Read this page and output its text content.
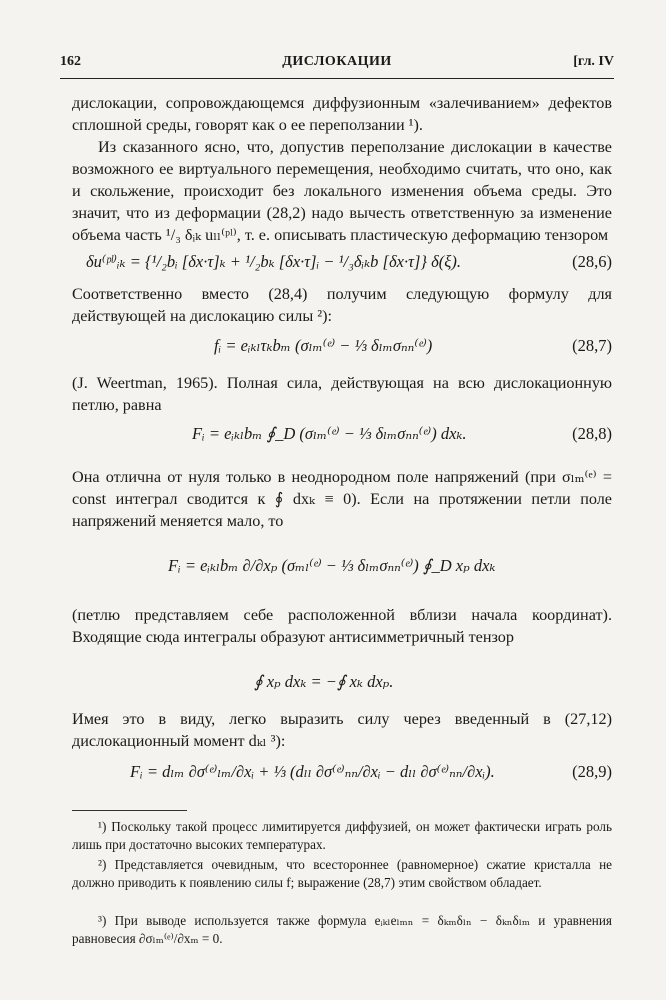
162	ДИСЛОКАЦИИ	[гл. IV
дислокации, сопровождающемся диффузионным «залечиванием» дефектов сплошной среды, говорят как о ее переползании ¹).
Из сказанного ясно, что, допустив переползание дислокации в качестве возможного ее виртуального перемещения, необходимо считать, что оно, как и скольжение, происходит без локального изменения объема среды. Это значит, что из деформации (28,2) надо вычесть ответственную за изменение объема часть ¹/₃ δᵢₖ uₗₗ⁽ᵖˡ⁾, т. е. описывать пластическую деформацию тензором
δu⁽ᵖˡ⁾ᵢₖ = {¹/₂bᵢ [δx·τ]ₖ + ¹/₂bₖ [δx·τ]ᵢ − ¹/₃δᵢₖb [δx·τ]} δ(ξ).	(28,6)
Соответственно вместо (28,4) получим следующую формулу для действующей на дислокацию силы ²):
fᵢ = eᵢₖₗτₖbₘ (σₗₘ⁽ᵉ⁾ − ⅓ δₗₘσₙₙ⁽ᵉ⁾)	(28,7)
(J. Weertman, 1965). Полная сила, действующая на всю дислокационную петлю, равна
Fᵢ = eᵢₖₗbₘ ∮_D (σₗₘ⁽ᵉ⁾ − ⅓ δₗₘσₙₙ⁽ᵉ⁾) dxₖ.	(28,8)
Она отлична от нуля только в неоднородном поле напряжений (при σₗₘ⁽ᵉ⁾ = const интеграл сводится к ∮ dxₖ ≡ 0). Если на протяжении петли поле напряжений меняется мало, то
Fᵢ = eᵢₖₗbₘ ∂/∂xₚ (σₘₗ⁽ᵉ⁾ − ⅓ δₗₘσₙₙ⁽ᵉ⁾) ∮_D xₚ dxₖ
(петлю представляем себе расположенной вблизи начала координат). Входящие сюда интегралы образуют антисимметричный тензор
∮ xₚ dxₖ = −∮ xₖ dxₚ.
Имея это в виду, легко выразить силу через введенный в (27,12) дислокационный момент dₖₗ ³):
Fᵢ = dₗₘ ∂σ⁽ᵉ⁾ₗₘ/∂xᵢ + ⅓ (dₗₗ ∂σ⁽ᵉ⁾ₙₙ/∂xᵢ − dₗₗ ∂σ⁽ᵉ⁾ₙₙ/∂xᵢ).	(28,9)
¹) Поскольку такой процесс лимитируется диффузией, он может фактически играть роль лишь при достаточно высоких температурах.
²) Представляется очевидным, что всестороннее (равномерное) сжатие кристалла не должно приводить к появлению силы f; выражение (28,7) этим свойством обладает.
³) При выводе используется также формула eᵢₖₗeₗₘₙ = δₖₘδₗₙ − δₖₙδₗₘ и уравнения равновесия ∂σₗₘ⁽ᵉ⁾/∂xₘ = 0.
